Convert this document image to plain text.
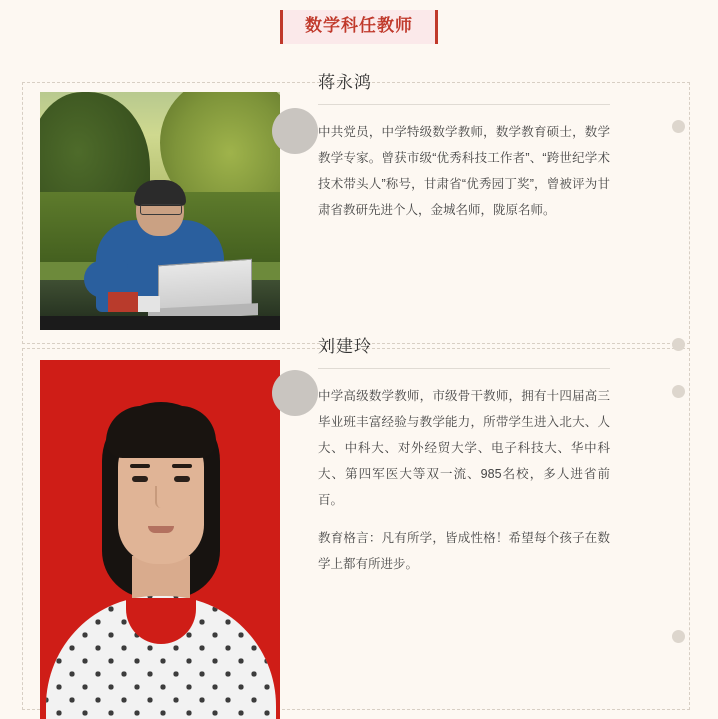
数学科任教师
蒋永鸿
中共党员，中学特级数学教师，数学教育硕士，数学教学专家。曾获市级“优秀科技工作者”、“跨世纪学术技术带头人”称号，甘肃省“优秀园丁奖”，曾被评为甘肃省教研先进个人，金城名师，陇原名师。
刘建玲
中学高级数学教师，市级骨干教师，拥有十四届高三毕业班丰富经验与教学能力，所带学生进入北大、人大、中科大、对外经贸大学、电子科技大、华中科大、第四军医大等双一流、985名校，多人进省前百。
教育格言：凡有所学，皆成性格！希望每个孩子在数学上都有所进步。
